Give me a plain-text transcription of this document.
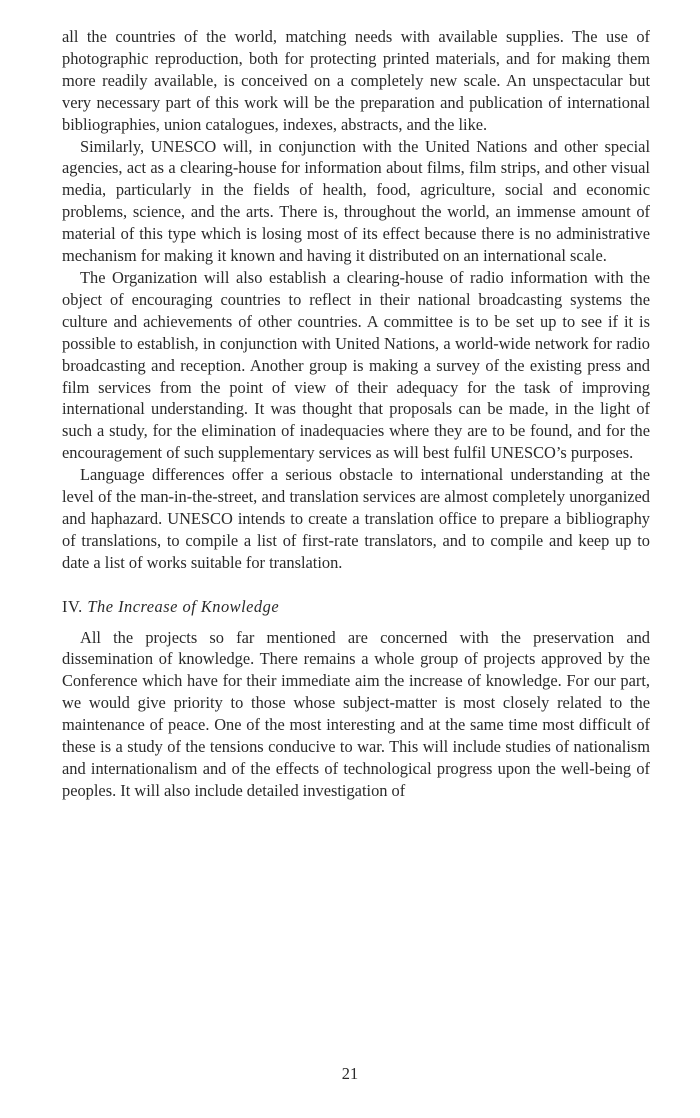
all the countries of the world, matching needs with available supplies. The use of photographic reproduction, both for protecting printed materials, and for making them more readily available, is conceived on a completely new scale. An unspectacular but very necessary part of this work will be the preparation and publication of international bibliographies, union catalogues, indexes, abstracts, and the like.

Similarly, UNESCO will, in conjunction with the United Nations and other special agencies, act as a clearing-house for information about films, film strips, and other visual media, particularly in the fields of health, food, agriculture, social and economic problems, science, and the arts. There is, throughout the world, an immense amount of material of this type which is losing most of its effect because there is no administrative mechanism for making it known and having it distributed on an international scale.

The Organization will also establish a clearing-house of radio information with the object of encouraging countries to reflect in their national broadcasting systems the culture and achievements of other countries. A committee is to be set up to see if it is possible to establish, in conjunction with United Nations, a world-wide network for radio broadcasting and reception. Another group is making a survey of the existing press and film services from the point of view of their adequacy for the task of improving international understanding. It was thought that proposals can be made, in the light of such a study, for the elimination of inadequacies where they are to be found, and for the encouragement of such supplementary services as will best fulfil UNESCO’s purposes.

Language differences offer a serious obstacle to international understanding at the level of the man-in-the-street, and translation services are almost completely unorganized and haphazard. UNESCO intends to create a translation office to prepare a bibliography of translations, to compile a list of first-rate translators, and to compile and keep up to date a list of works suitable for translation.

IV. The Increase of Knowledge

All the projects so far mentioned are concerned with the preservation and dissemination of knowledge. There remains a whole group of projects approved by the Conference which have for their immediate aim the increase of knowledge. For our part, we would give priority to those whose subject-matter is most closely related to the maintenance of peace. One of the most interesting and at the same time most difficult of these is a study of the tensions conducive to war. This will include studies of nationalism and internationalism and of the effects of technological progress upon the well-being of peoples. It will also include detailed investigation of

21
